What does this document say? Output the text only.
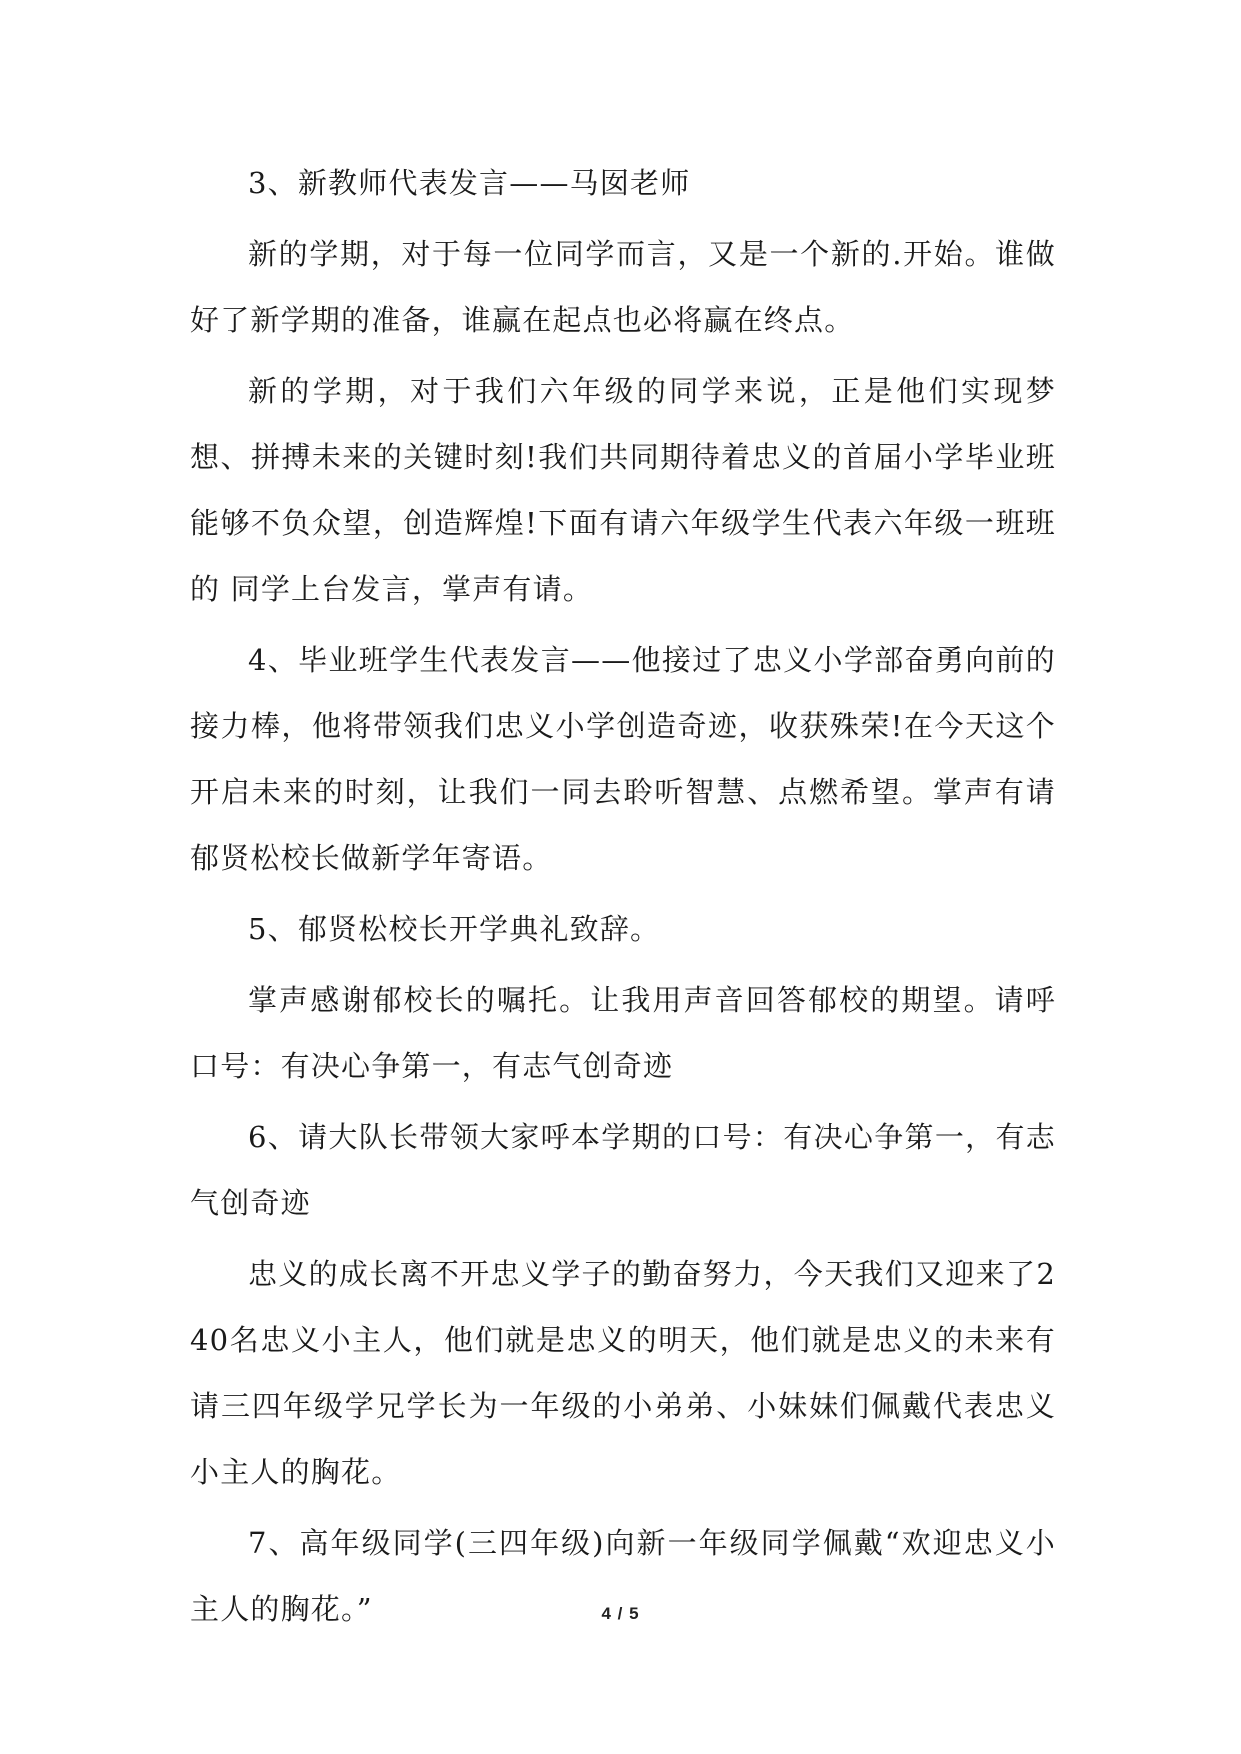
3、新教师代表发言——马囡老师

新的学期，对于每一位同学而言，又是一个新的.开始。谁做好了新学期的准备，谁赢在起点也必将赢在终点。

新的学期，对于我们六年级的同学来说，正是他们实现梦想、拼搏未来的关键时刻!我们共同期待着忠义的首届小学毕业班能够不负众望，创造辉煌!下面有请六年级学生代表六年级一班班的 同学上台发言，掌声有请。

4、毕业班学生代表发言——他接过了忠义小学部奋勇向前的接力棒，他将带领我们忠义小学创造奇迹，收获殊荣!在今天这个开启未来的时刻，让我们一同去聆听智慧、点燃希望。掌声有请郁贤松校长做新学年寄语。

5、郁贤松校长开学典礼致辞。

掌声感谢郁校长的嘱托。让我用声音回答郁校的期望。请呼口号：有决心争第一，有志气创奇迹

6、请大队长带领大家呼本学期的口号：有决心争第一，有志气创奇迹

忠义的成长离不开忠义学子的勤奋努力，今天我们又迎来了240名忠义小主人，他们就是忠义的明天，他们就是忠义的未来有请三四年级学兄学长为一年级的小弟弟、小妹妹们佩戴代表忠义小主人的胸花。

7、高年级同学(三四年级)向新一年级同学佩戴“欢迎忠义小主人的胸花。”	4 / 5
